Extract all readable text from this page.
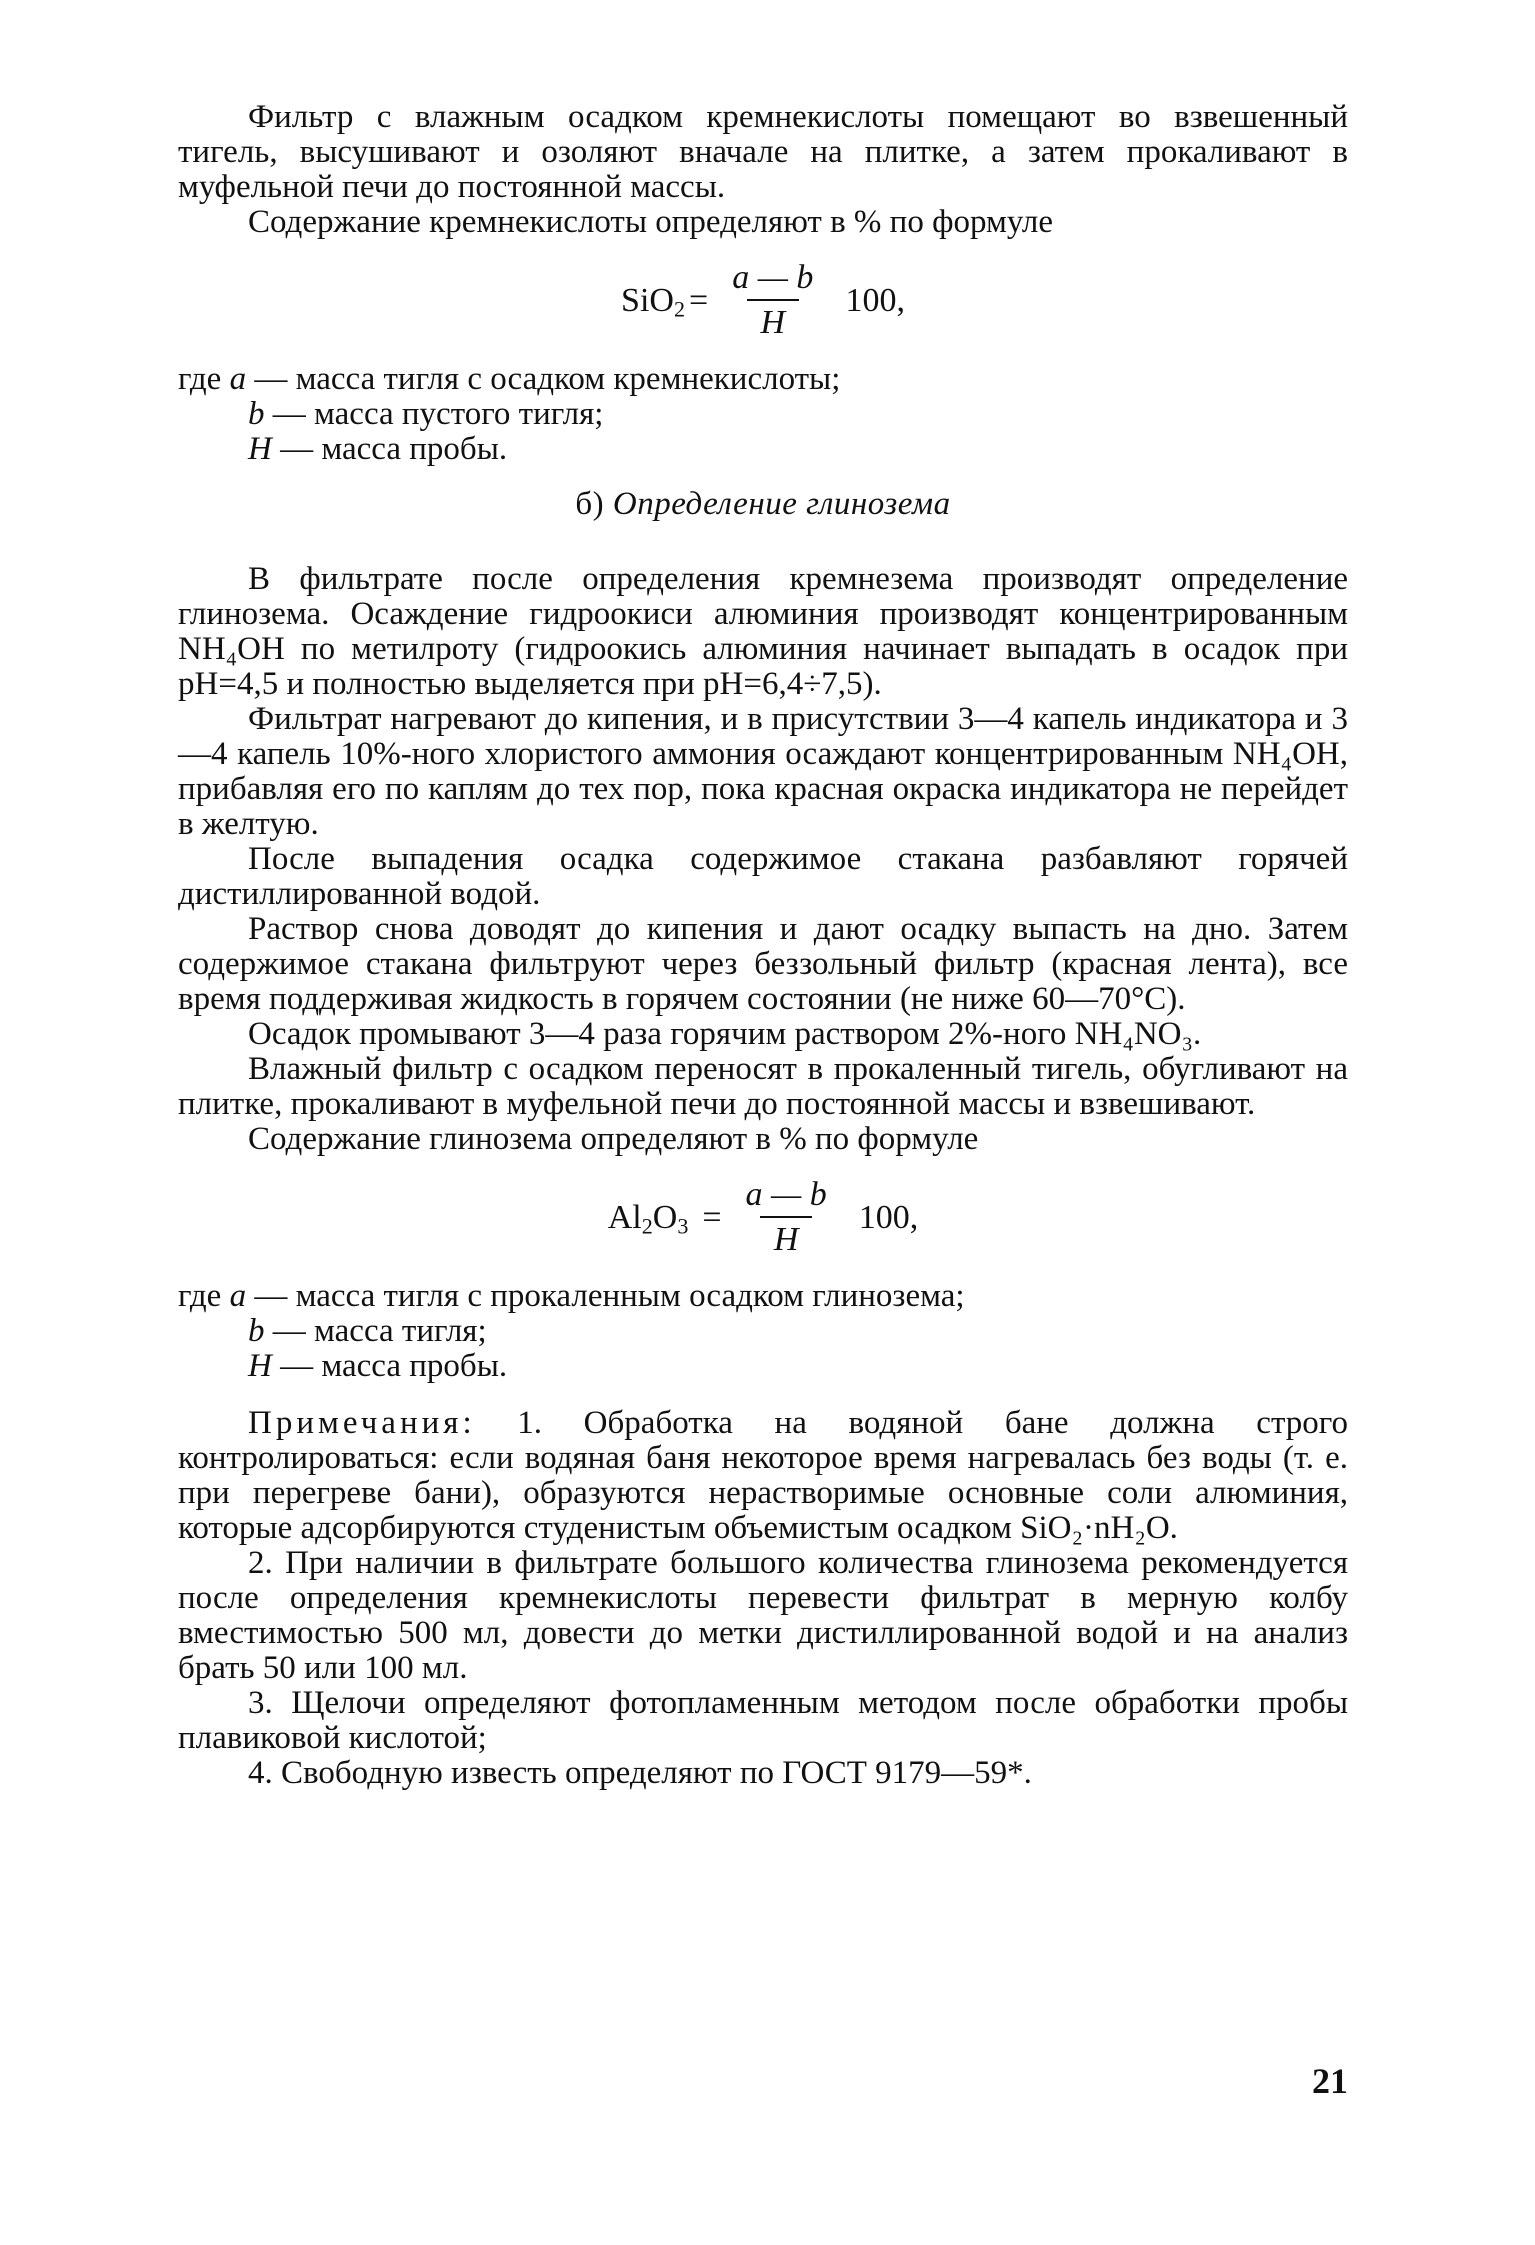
Фильтр с влажным осадком кремнекислоты помещают во взвешенный тигель, высушивают и озоляют вначале на плитке, а затем прокаливают в муфельной печи до постоянной массы.

Содержание кремнекислоты определяют в % по формуле

$SiO_2 = \frac{a — b}{H} 100$,

где a — масса тигля с осадком кремнекислоты;

b — масса пустого тигля;

H — масса пробы.

б) Определение глинозема

В фильтрате после определения кремнезема производят определение глинозема. Осаждение гидроокиси алюминия производят концентрированным NH₄OH по метилроту (гидроокись алюминия начинает выпадать в осадок при pH=4,5 и полностью выделяется при pH=6,4÷7,5).

Фильтрат нагревают до кипения, и в присутствии 3—4 капель индикатора и 3—4 капель 10%-ного хлористого аммония осаждают концентрированным NH₄OH, прибавляя его по каплям до тех пор, пока красная окраска индикатора не перейдет в желтую.

После выпадения осадка содержимое стакана разбавляют горячей дистиллированной водой.

Раствор снова доводят до кипения и дают осадку выпасть на дно. Затем содержимое стакана фильтруют через беззольный фильтр (красная лента), все время поддерживая жидкость в горячем состоянии (не ниже 60—70°С).

Осадок промывают 3—4 раза горячим раствором 2%-ного NH₄NO₃.

Влажный фильтр с осадком переносят в прокаленный тигель, обугливают на плитке, прокаливают в муфельной печи до постоянной массы и взвешивают.

Содержание глинозема определяют в % по формуле

$Al_2O_3 = \frac{a — b}{H} 100$,

где a — масса тигля с прокаленным осадком глинозема;

b — масса тигля;

H — масса пробы.

Примечания: 1. Обработка на водяной бане должна строго контролироваться: если водяная баня некоторое время нагревалась без воды (т. е. при перегреве бани), образуются нерастворимые основные соли алюминия, которые адсорбируются студенистым объемистым осадком SiO₂·nH₂O.

2. При наличии в фильтрате большого количества глинозема рекомендуется после определения кремнекислоты перевести фильтрат в мерную колбу вместимостью 500 мл, довести до метки дистиллированной водой и на анализ брать 50 или 100 мл.

3. Щелочи определяют фотопламенным методом после обработки пробы плавиковой кислотой;

4. Свободную известь определяют по ГОСТ 9179—59*.

21
